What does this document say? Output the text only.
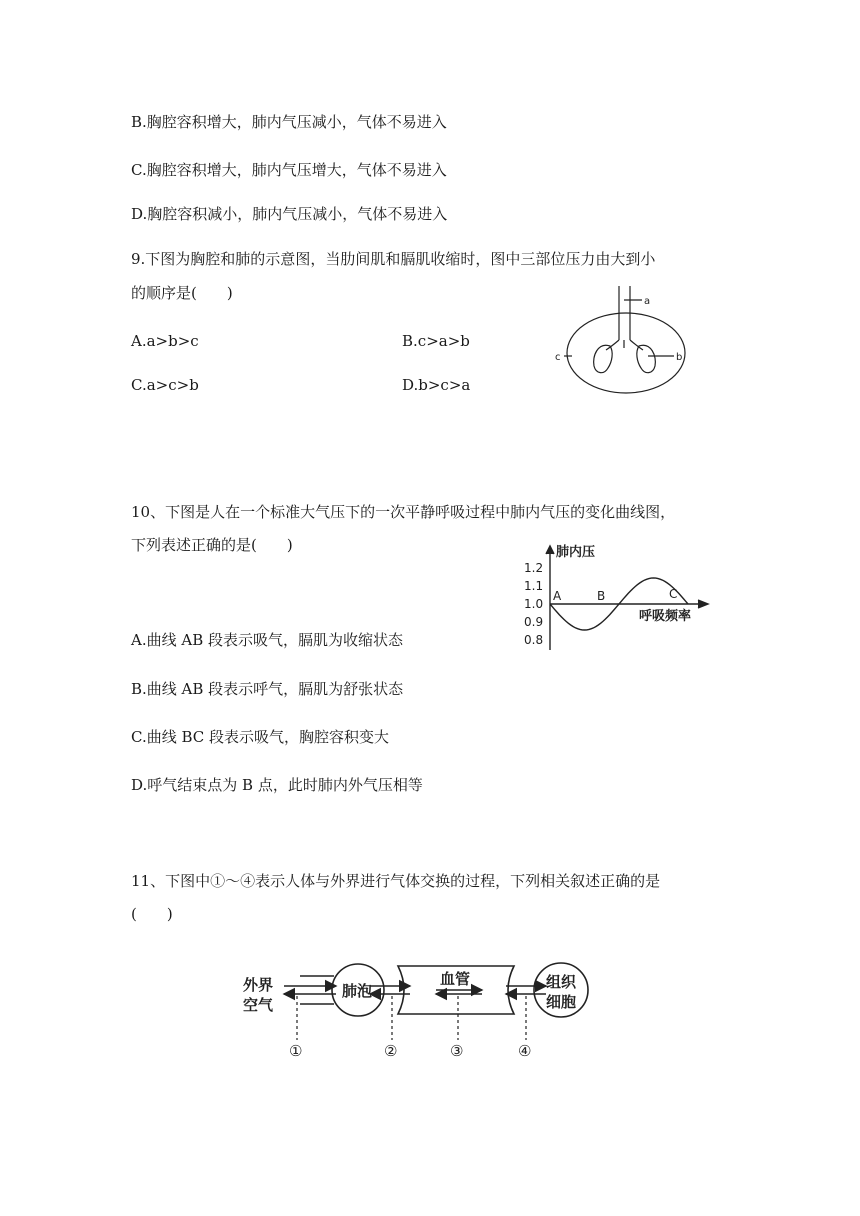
B.胸腔容积增大，肺内气压减小，气体不易进入
C.胸腔容积增大，肺内气压增大，气体不易进入
D.胸腔容积减小，肺内气压减小，气体不易进入
9.下图为胸腔和肺的示意图，当肋间肌和膈肌收缩时，图中三部位压力由大到小
的顺序是(　　)
A.a>b>c	B.c>a>b
C.a>c>b	D.b>c>a
a
b
c
10、下图是人在一个标准大气压下的一次平静呼吸过程中肺内气压的变化曲线图，
下列表述正确的是(　　)	肺内压
呼吸频率
1.2
1.1
1.0
0.9
0.8
A	B	C
A.曲线 AB 段表示吸气，膈肌为收缩状态
B.曲线 AB 段表示呼气，膈肌为舒张状态
C.曲线 BC 段表示吸气，胸腔容积变大
D.呼气结束点为 B 点，此时肺内外气压相等
11、下图中①～④表示人体与外界进行气体交换的过程，下列相关叙述正确的是
(　　)
外界
空气
肺泡
血管	组织
细胞
①	②	③	④
